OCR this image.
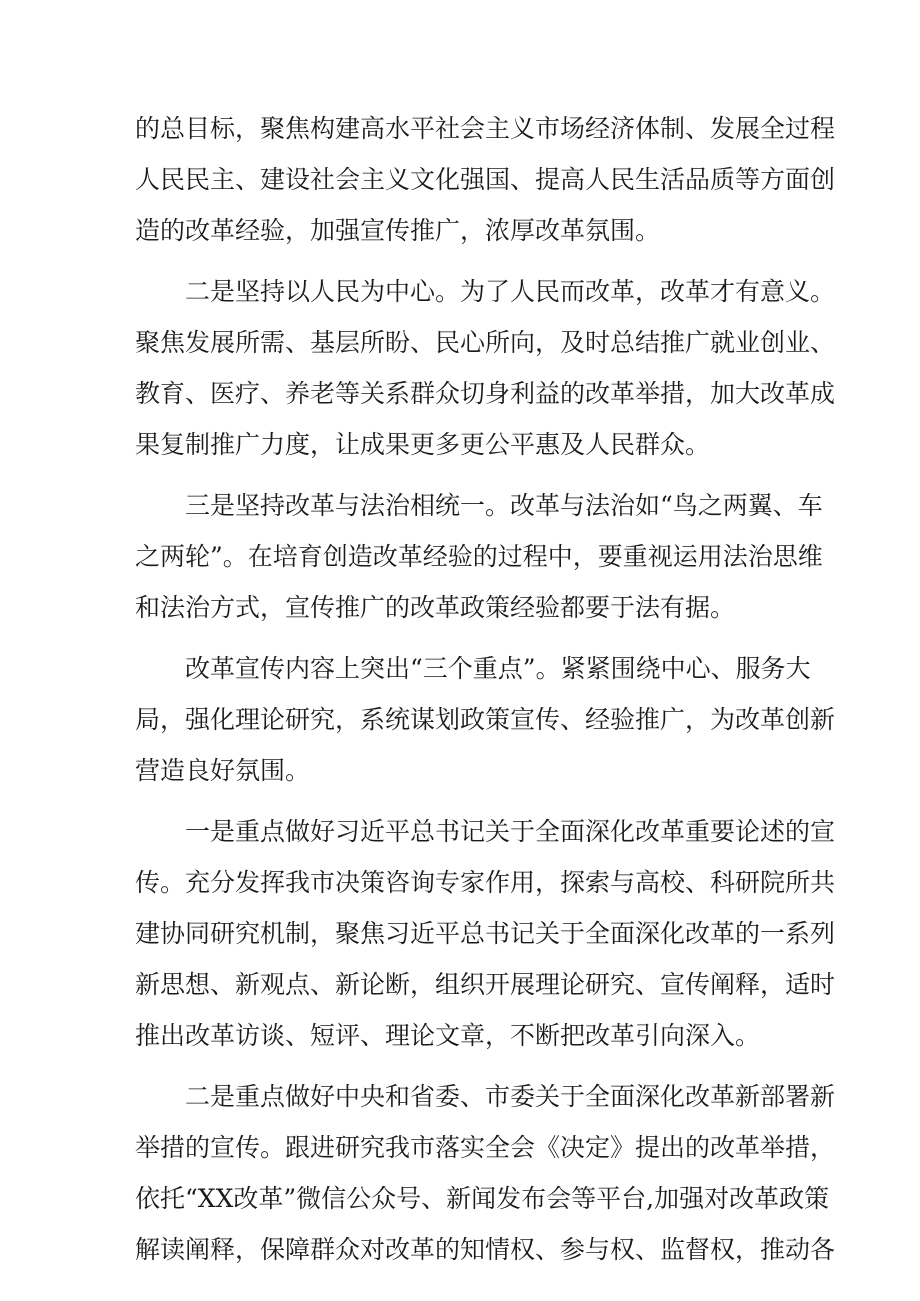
的总目标，聚焦构建高水平社会主义市场经济体制、发展全过程
人民民主、建设社会主义文化强国、提高人民生活品质等方面创
造的改革经验，加强宣传推广，浓厚改革氛围。
二是坚持以人民为中心。为了人民而改革，改革才有意义。
聚焦发展所需、基层所盼、民心所向，及时总结推广就业创业、
教育、医疗、养老等关系群众切身利益的改革举措，加大改革成
果复制推广力度，让成果更多更公平惠及人民群众。
三是坚持改革与法治相统一。改革与法治如“鸟之两翼、车
之两轮”。在培育创造改革经验的过程中，要重视运用法治思维
和法治方式，宣传推广的改革政策经验都要于法有据。
改革宣传内容上突出“三个重点”。紧紧围绕中心、服务大
局，强化理论研究，系统谋划政策宣传、经验推广，为改革创新
营造良好氛围。
一是重点做好习近平总书记关于全面深化改革重要论述的宣
传。充分发挥我市决策咨询专家作用，探索与高校、科研院所共
建协同研究机制，聚焦习近平总书记关于全面深化改革的一系列
新思想、新观点、新论断，组织开展理论研究、宣传阐释，适时
推出改革访谈、短评、理论文章，不断把改革引向深入。
二是重点做好中央和省委、市委关于全面深化改革新部署新
举措的宣传。跟进研究我市落实全会《决定》提出的改革举措，
依托“XX改革”微信公众号、新闻发布会等平台,加强对改革政策
解读阐释，保障群众对改革的知情权、参与权、监督权，推动各
